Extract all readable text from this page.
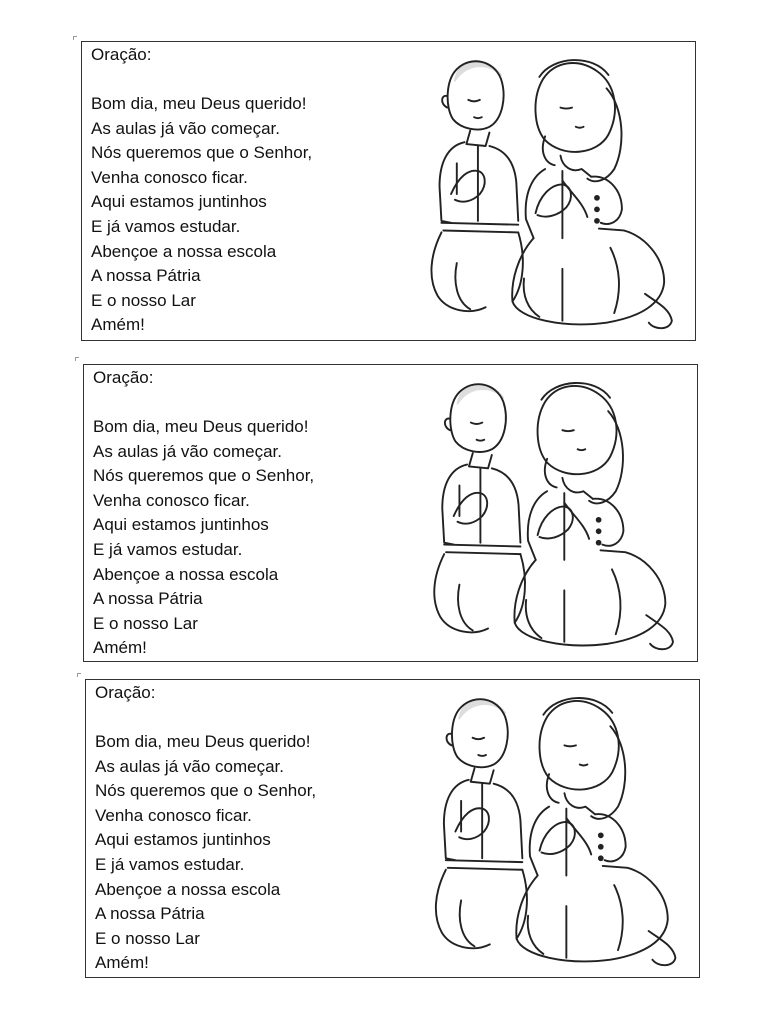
Oração:
Bom dia, meu Deus querido!
As aulas já vão começar.
Nós queremos que o Senhor,
Venha conosco ficar.
Aqui estamos juntinhos
E já vamos estudar.
Abençoe a nossa escola
A nossa Pátria
E o nosso Lar
Amém!
Oração:
Bom dia, meu Deus querido!
As aulas já vão começar.
Nós queremos que o Senhor,
Venha conosco ficar.
Aqui estamos juntinhos
E já vamos estudar.
Abençoe a nossa escola
A nossa Pátria
E o nosso Lar
Amém!
Oração:
Bom dia, meu Deus querido!
As aulas já vão começar.
Nós queremos que o Senhor,
Venha conosco ficar.
Aqui estamos juntinhos
E já vamos estudar.
Abençoe a nossa escola
A nossa Pátria
E o nosso Lar
Amém!
